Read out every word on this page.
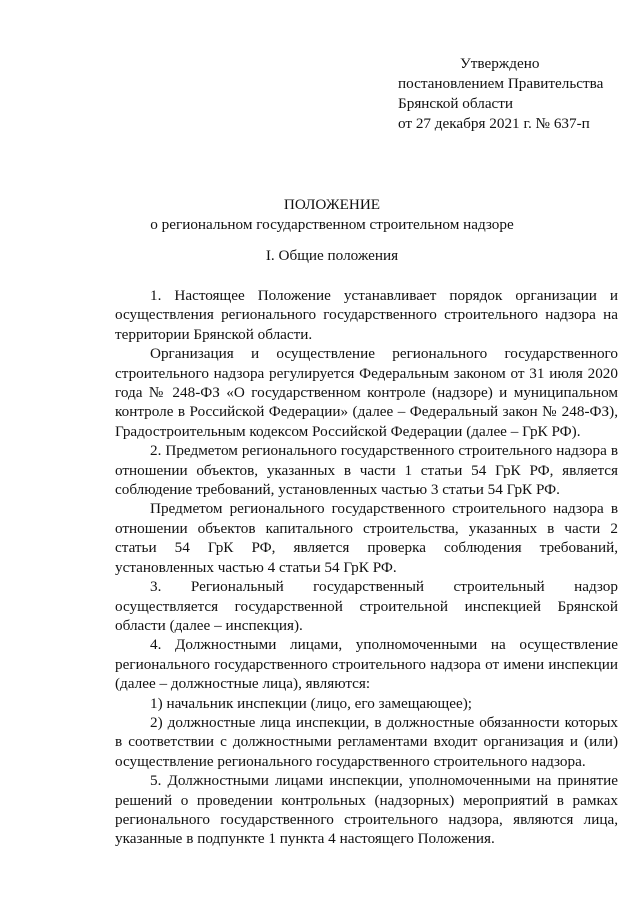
Утверждено
постановлением Правительства
Брянской области
от 27 декабря 2021 г. № 637-п
ПОЛОЖЕНИЕ
о региональном государственном строительном надзоре
I. Общие положения

1. Настоящее Положение устанавливает порядок организации и осуществления регионального государственного строительного надзора на территории Брянской области.

Организация и осуществление регионального государственного строительного надзора регулируется Федеральным законом от 31 июля 2020 года № 248-ФЗ «О государственном контроле (надзоре) и муниципальном контроле в Российской Федерации» (далее – Федеральный закон № 248-ФЗ), Градостроительным кодексом Российской Федерации (далее – ГрК РФ).

2. Предметом регионального государственного строительного надзора в отношении объектов, указанных в части 1 статьи 54 ГрК РФ, является соблюдение требований, установленных частью 3 статьи 54 ГрК РФ.

Предметом регионального государственного строительного надзора в отношении объектов капитального строительства, указанных в части 2 статьи 54 ГрК РФ, является проверка соблюдения требований, установленных частью 4 статьи 54 ГрК РФ.

3. Региональный государственный строительный надзор осуществляется государственной строительной инспекцией Брянской области (далее – инспекция).

4. Должностными лицами, уполномоченными на осуществление регионального государственного строительного надзора от имени инспекции (далее – должностные лица), являются:

1) начальник инспекции (лицо, его замещающее);

2) должностные лица инспекции, в должностные обязанности которых в соответствии с должностными регламентами входит организация и (или) осуществление регионального государственного строительного надзора.

5. Должностными лицами инспекции, уполномоченными на принятие решений о проведении контрольных (надзорных) мероприятий в рамках регионального государственного строительного надзора, являются лица, указанные в подпункте 1 пункта 4 настоящего Положения.
